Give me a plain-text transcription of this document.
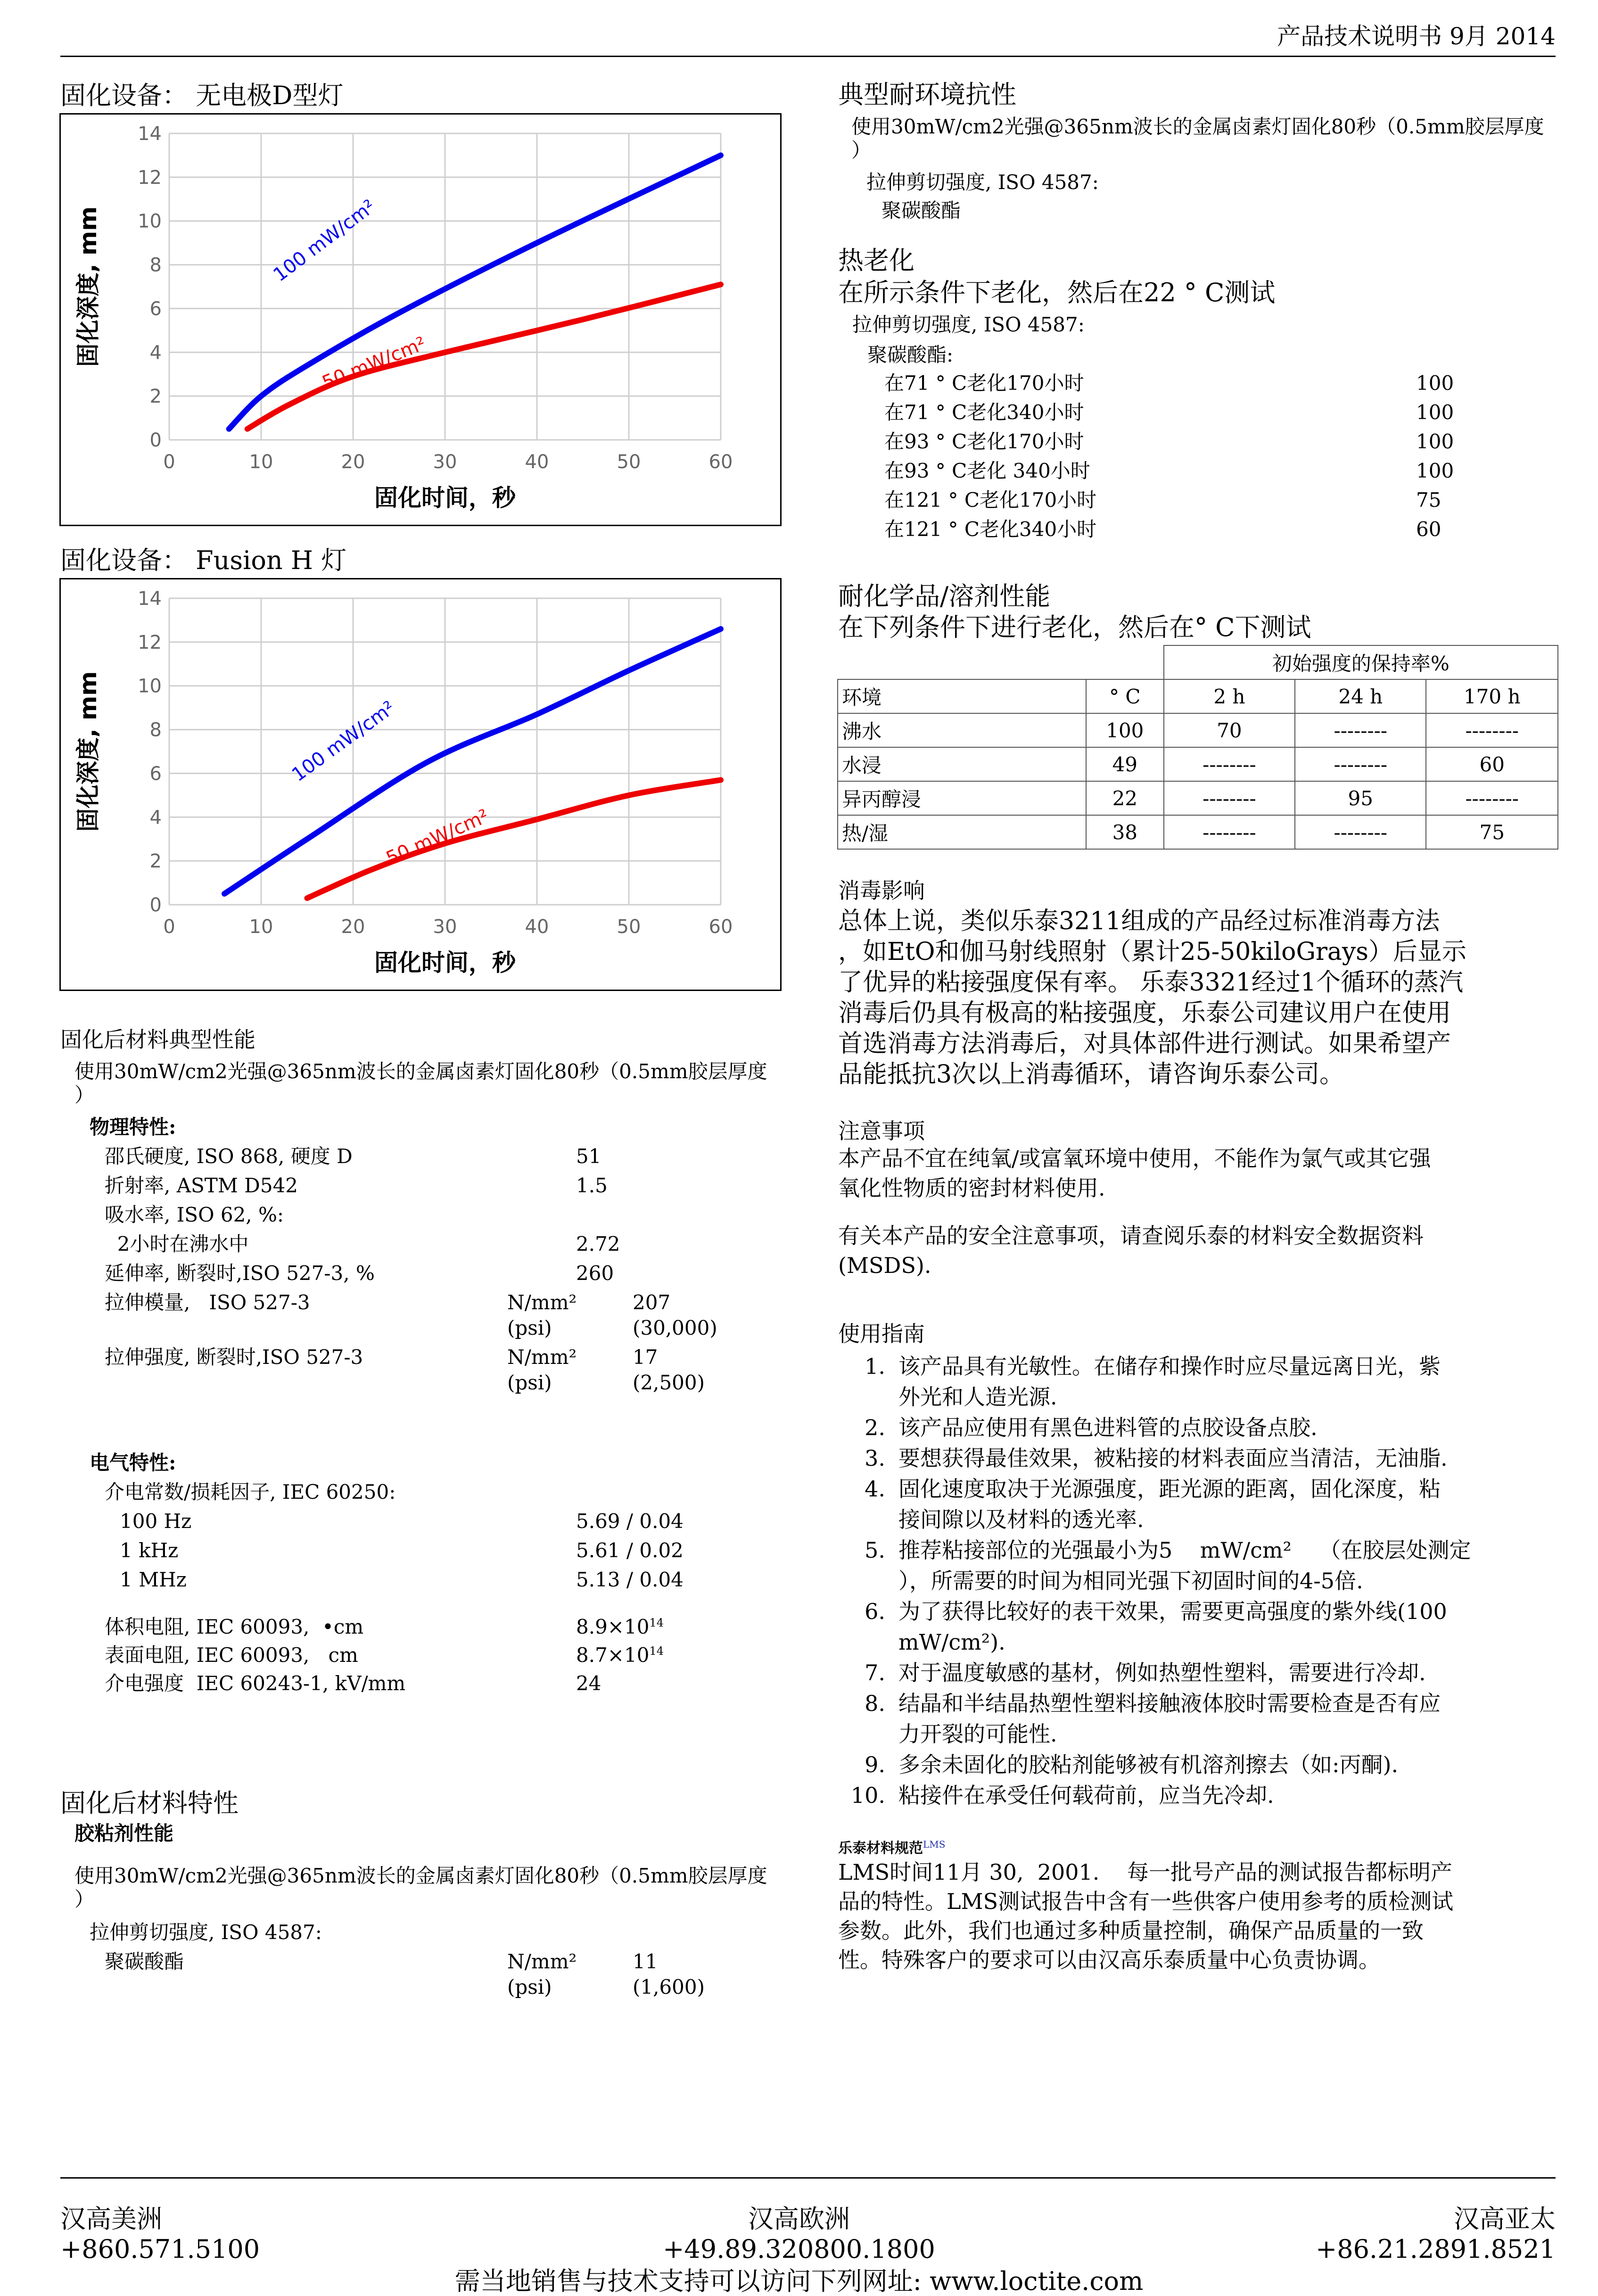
产品技术说明书 9月 2014
固化设备： 无电极D型灯
0	10	20	30	40	50	60
0
2
4
6
8
10
12
14
固化时间，秒
固化深度, mm	100 mW/cm²
50 mW/cm²
固化设备： Fusion H 灯
0	10	20	30	40	50	60
0
2
4
6
8
10
12
14
固化时间，秒
固化深度, mm	100 mW/cm²
50 mW/cm²
固化后材料典型性能
使用30mW/cm2光强@365nm波长的金属卤素灯固化80秒（0.5mm胶层厚度
）
物理特性:
邵氏硬度, ISO 868, 硬度 D	51
折射率, ASTM D542	1.5
吸水率, ISO 62, %:
2小时在沸水中	2.72
延伸率, 断裂时,ISO 527-3, %	260
拉伸模量,   ISO 527-3	N/mm²	207
(psi)	(30,000)
拉伸强度, 断裂时,ISO 527-3	N/mm²	17
(psi)	(2,500)
电气特性:
介电常数/损耗因子, IEC 60250:
100 Hz	5.69 / 0.04
1 kHz	5.61 / 0.02
1 MHz	5.13 / 0.04
体积电阻, IEC 60093,  •cm	$8.9\times 10^{14}$
表面电阻, IEC 60093,   cm	$8.7\times 10^{14}$
介电强度  IEC 60243-1, kV/mm	24
固化后材料特性
胶粘剂性能
使用30mW/cm2光强@365nm波长的金属卤素灯固化80秒（0.5mm胶层厚度
）
拉伸剪切强度, ISO 4587:
聚碳酸酯	N/mm²	11
(psi)	(1,600)
典型耐环境抗性
使用30mW/cm2光强@365nm波长的金属卤素灯固化80秒（0.5mm胶层厚度
）
拉伸剪切强度, ISO 4587:
聚碳酸酯
热老化
在所示条件下老化，然后在22 ° C测试
拉伸剪切强度, ISO 4587:
聚碳酸酯:
在71 ° C老化170小时	100
在71 ° C老化340小时	100
在93 ° C老化170小时	100
在93 ° C老化 340小时	100
在121 ° C老化170小时	75
在121 ° C老化340小时	60
耐化学品/溶剂性能
在下列条件下进行老化，然后在° C下测试
		初始强度的保持率%		
环境	° C	2 h	24 h	170 h
沸水	100	70	--------	--------
水浸	49	--------	--------	60
异丙醇浸	22	--------	95	--------
热/湿	38	--------	--------	75
消毒影响
总体上说，类似乐泰3211组成的产品经过标准消毒方法
，如EtO和伽马射线照射（累计25-50kiloGrays）后显示
了优异的粘接强度保有率。 乐泰3321经过1个循环的蒸汽
消毒后仍具有极高的粘接强度，乐泰公司建议用户在使用
首选消毒方法消毒后，对具体部件进行测试。如果希望产
品能抵抗3次以上消毒循环，请咨询乐泰公司。
注意事项
本产品不宜在纯氧/或富氧环境中使用，不能作为氯气或其它强
氧化性物质的密封材料使用.
有关本产品的安全注意事项，请查阅乐泰的材料安全数据资料
(MSDS).
使用指南
1. 该产品具有光敏性。在储存和操作时应尽量远离日光，紫
外光和人造光源.
2. 该产品应使用有黑色进料管的点胶设备点胶.
3. 要想获得最佳效果，被粘接的材料表面应当清洁，无油脂.
4. 固化速度取决于光源强度，距光源的距离，固化深度，粘
接间隙以及材料的透光率.
5. 推荐粘接部位的光强最小为5    mW/cm²    （在胶层处测定
），所需要的时间为相同光强下初固时间的4-5倍.
6. 为了获得比较好的表干效果，需要更高强度的紫外线(100
mW/cm²).
7. 对于温度敏感的基材，例如热塑性塑料，需要进行冷却.
8. 结晶和半结晶热塑性塑料接触液体胶时需要检查是否有应
力开裂的可能性.
9. 多余未固化的胶粘剂能够被有机溶剂擦去（如:丙酮).
10. 粘接件在承受任何载荷前，应当先冷却.
乐泰材料规范$^{LMS}$
LMS时间11月 30,  2001.    每一批号产品的测试报告都标明产
品的特性。LMS测试报告中含有一些供客户使用参考的质检测试
参数。此外，我们也通过多种质量控制，确保产品质量的一致
性。特殊客户的要求可以由汉高乐泰质量中心负责协调。
汉高美洲
+860.571.5100
汉高欧洲
+49.89.320800.1800
汉高亚太
+86.21.2891.8521
需当地销售与技术支持可以访问下列网址: www.loctite.com
